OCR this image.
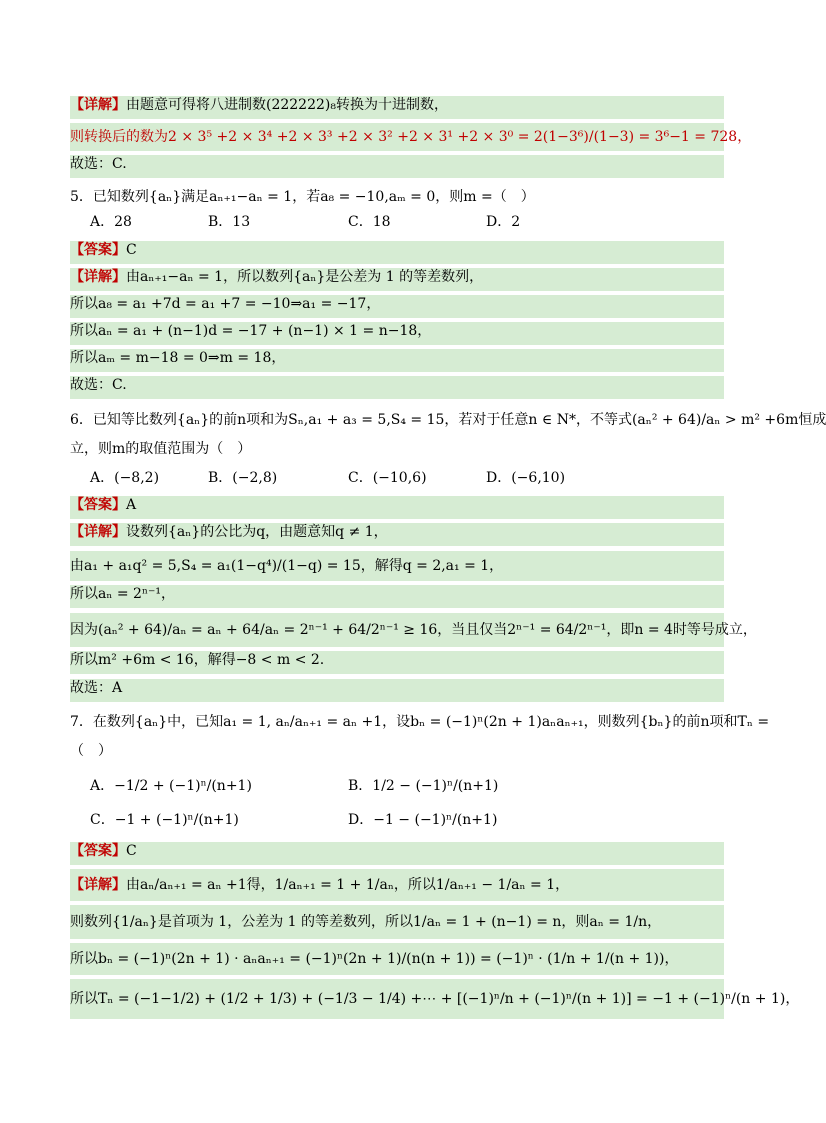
【详解】由题意可得将八进制数(222222)₈转换为十进制数，
则转换后的数为2 × 3⁵ +2 × 3⁴ +2 × 3³ +2 × 3² +2 × 3¹ +2 × 3⁰ = 2(1−3⁶)/(1−3) = 3⁶−1 = 728，
故选：C.
5．已知数列{aₙ}满足aₙ₊₁−aₙ = 1，若a₈ = −10,aₘ = 0，则m =（　）
A．28	B．13	C．18	D．2
【答案】C
【详解】由aₙ₊₁−aₙ = 1，所以数列{aₙ}是公差为 1 的等差数列，
所以a₈ = a₁ +7d = a₁ +7 = −10⇒a₁ = −17，
所以aₙ = a₁ + (n−1)d = −17 + (n−1) × 1 = n−18，
所以aₘ = m−18 = 0⇒m = 18，
故选：C.
6．已知等比数列{aₙ}的前n项和为Sₙ,a₁ + a₃ = 5,S₄ = 15，若对于任意n ∈ N*，不等式(aₙ² + 64)/aₙ > m² +6m恒成
立，则m的取值范围为（　）
A．(−8,2)	B．(−2,8)	C．(−10,6)	D．(−6,10)
【答案】A
【详解】设数列{aₙ}的公比为q，由题意知q ≠ 1，
由a₁ + a₁q² = 5,S₄ = a₁(1−q⁴)/(1−q) = 15，解得q = 2,a₁ = 1，
所以aₙ = 2ⁿ⁻¹，
因为(aₙ² + 64)/aₙ = aₙ + 64/aₙ = 2ⁿ⁻¹ + 64/2ⁿ⁻¹ ≥ 16，当且仅当2ⁿ⁻¹ = 64/2ⁿ⁻¹，即n = 4时等号成立，
所以m² +6m < 16，解得−8 < m < 2.
故选：A
7．在数列{aₙ}中，已知a₁ = 1, aₙ/aₙ₊₁ = aₙ +1，设bₙ = (−1)ⁿ(2n + 1)aₙaₙ₊₁，则数列{bₙ}的前n项和Tₙ =
（　）
A．−1/2 + (−1)ⁿ/(n+1)	B．1/2 − (−1)ⁿ/(n+1)
C．−1 + (−1)ⁿ/(n+1)	D．−1 − (−1)ⁿ/(n+1)
【答案】C
【详解】由aₙ/aₙ₊₁ = aₙ +1得，1/aₙ₊₁ = 1 + 1/aₙ，所以1/aₙ₊₁ − 1/aₙ = 1，
则数列{1/aₙ}是首项为 1，公差为 1 的等差数列，所以1/aₙ = 1 + (n−1) = n，则aₙ = 1/n，
所以bₙ = (−1)ⁿ(2n + 1) · aₙaₙ₊₁ = (−1)ⁿ(2n + 1)/(n(n + 1)) = (−1)ⁿ · (1/n + 1/(n + 1))，
所以Tₙ = (−1−1/2) + (1/2 + 1/3) + (−1/3 − 1/4) +⋯ + [(−1)ⁿ/n + (−1)ⁿ/(n + 1)] = −1 + (−1)ⁿ/(n + 1)，
